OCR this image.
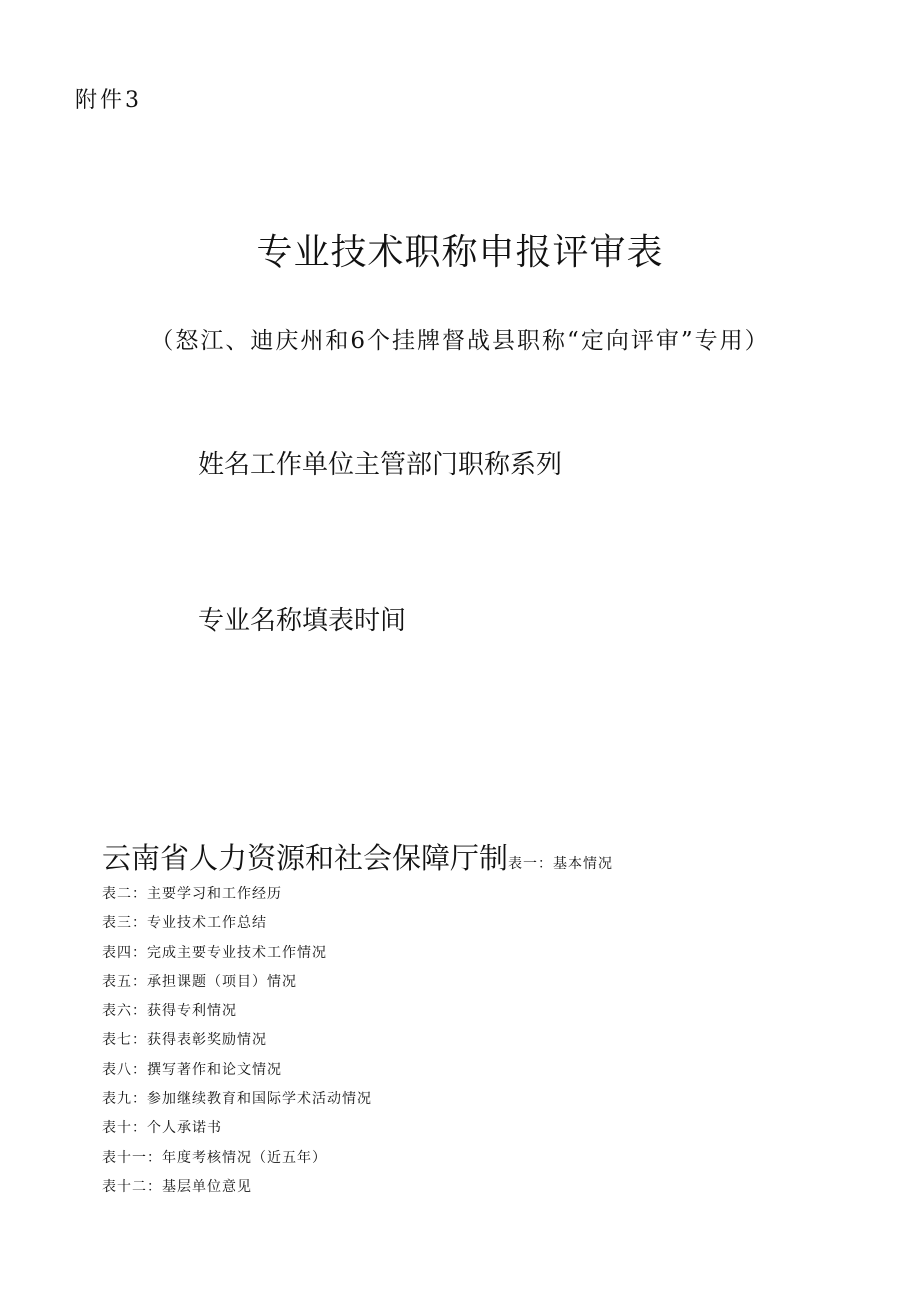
附件3
专业技术职称申报评审表
（怒江、迪庆州和6个挂牌督战县职称“定向评审”专用）
姓名工作单位主管部门职称系列
专业名称填表时间
云南省人力资源和社会保障厅制表一：基本情况
表二：主要学习和工作经历
表三：专业技术工作总结
表四：完成主要专业技术工作情况
表五：承担课题（项目）情况
表六：获得专利情况
表七：获得表彰奖励情况
表八：撰写著作和论文情况
表九：参加继续教育和国际学术活动情况
表十：个人承诺书
表十一：年度考核情况（近五年）
表十二：基层单位意见
